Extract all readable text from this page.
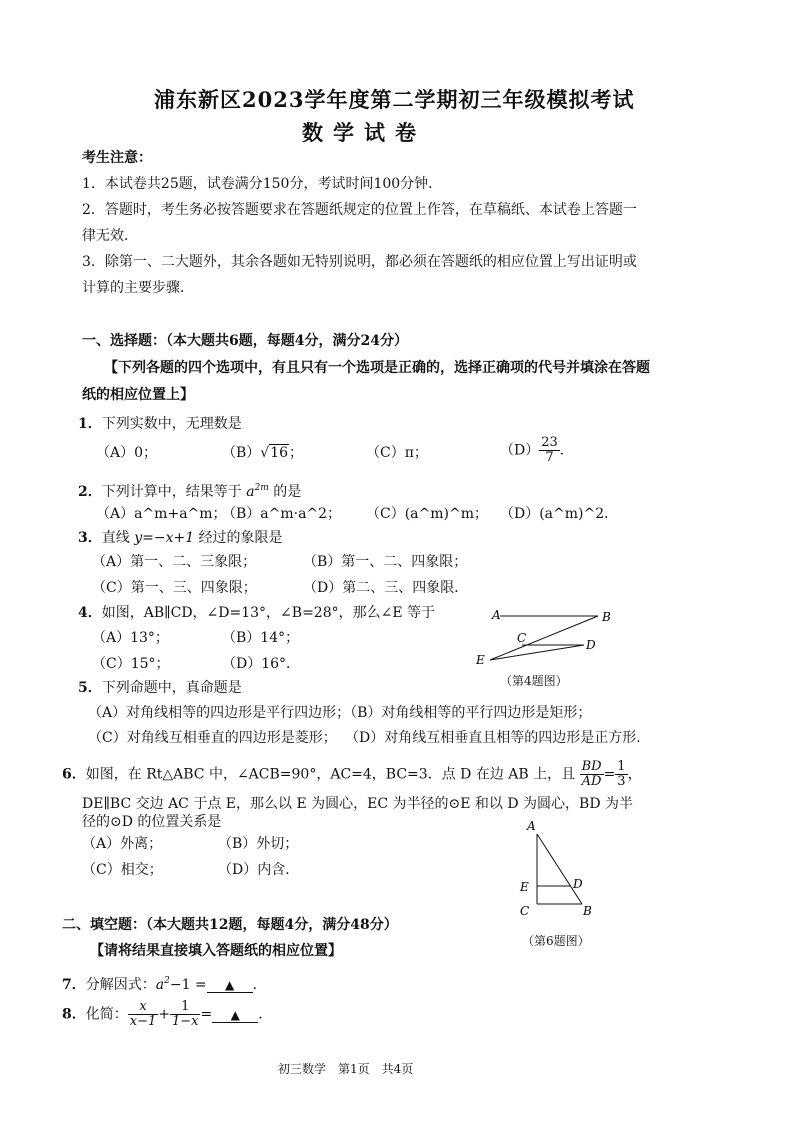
浦东新区2023学年度第二学期初三年级模拟考试
数学试卷
考生注意：
1．本试卷共25题，试卷满分150分，考试时间100分钟．
2．答题时，考生务必按答题要求在答题纸规定的位置上作答，在草稿纸、本试卷上答题一
律无效．
3．除第一、二大题外，其余各题如无特别说明，都必须在答题纸的相应位置上写出证明或
计算的主要步骤．
一、选择题：（本大题共6题，每题4分，满分24分）
【下列各题的四个选项中，有且只有一个选项是正确的，选择正确项的代号并填涂在答题
纸的相应位置上】
1．下列实数中，无理数是
（A）0；	（B）√16；	（C）π；	$(D) \frac{23}{7}$ ．
2．下列计算中，结果等于 $a^{2m}$ 的是
（A）a^m+a^m；
（B）a^m·a^2； （C）(a^m)^m； （D）(a^m)^2．
3．直线 y=−x+1 经过的象限是
（A）第一、二、三象限；	（B）第一、二、四象限；
（C）第一、三、四象限；	（D）第二、三、四象限．
4．如图，AB∥CD，∠D=13°，∠B=28°，那么∠E 等于
（A）13°；	（B）14°；
（C）15°；	（D）16°．
A	B
C	D
E
（第4题图）
5．下列命题中，真命题是
（A）对角线相等的四边形是平行四边形；（B）对角线相等的平行四边形是矩形；
（C）对角线互相垂直的四边形是菱形； （D）对角线互相垂直且相等的四边形是正方形．
6．如图，在 Rt△ABC 中，∠ACB=90°，AC=4，BC=3．点 D 在边 AB 上，且 $\frac{BD}{AD} = \frac{1}{3}$ ，
DE∥BC 交边 AC 于点 E，那么以 E 为圆心，EC 为半径的⊙E 和以 D 为圆心，BD 为半
径的⊙D 的位置关系是
（A）外离；	（B）外切；
（C）相交；	（D）内含．
A
E	D
C	B
（第6题图）
二、填空题：（本大题共12题，每题4分，满分48分）
【请将结果直接填入答题纸的相应位置】
7．分解因式：$a^2-1$ = ▲ ．
8．化简： $\frac{x}{x-1} + \frac{1}{1-x}$ = ▲ ．
初三数学　第1页　共4页
